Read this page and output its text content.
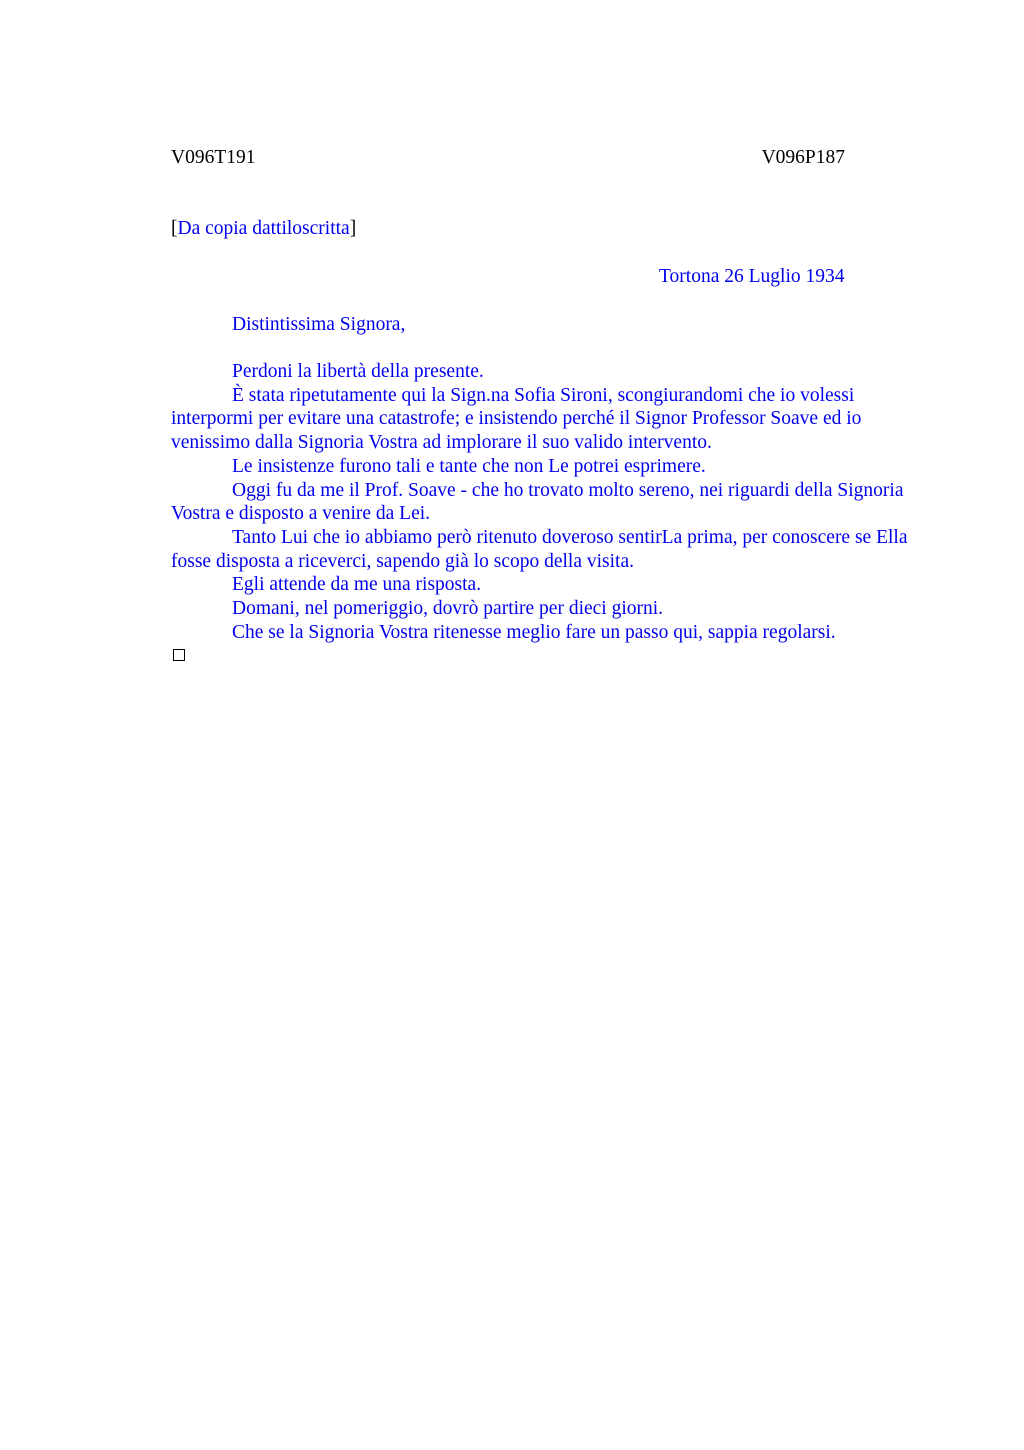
V096T191	V096P187
[Da copia dattiloscritta]
Tortona 26 Luglio 1934
Distintissima Signora,

Perdoni la libertà della presente.

È stata ripetutamente qui la Sign.na Sofia Sironi, scongiurandomi che io volessi interpormi per evitare una catastrofe; e insistendo perché il Signor Professor Soave ed io venissimo dalla Signoria Vostra ad implorare il suo valido intervento.

Le insistenze furono tali e tante che non Le potrei esprimere.

Oggi fu da me il Prof. Soave - che ho trovato molto sereno, nei riguardi della Signoria Vostra e disposto a venire da Lei.

Tanto Lui che io abbiamo però ritenuto doveroso sentirLa prima, per conoscere se Ella fosse disposta a riceverci, sapendo già lo scopo della visita.

Egli attende da me una risposta.

Domani, nel pomeriggio, dovrò partire per dieci giorni.

Che se la Signoria Vostra ritenesse meglio fare un passo qui, sappia regolarsi.
